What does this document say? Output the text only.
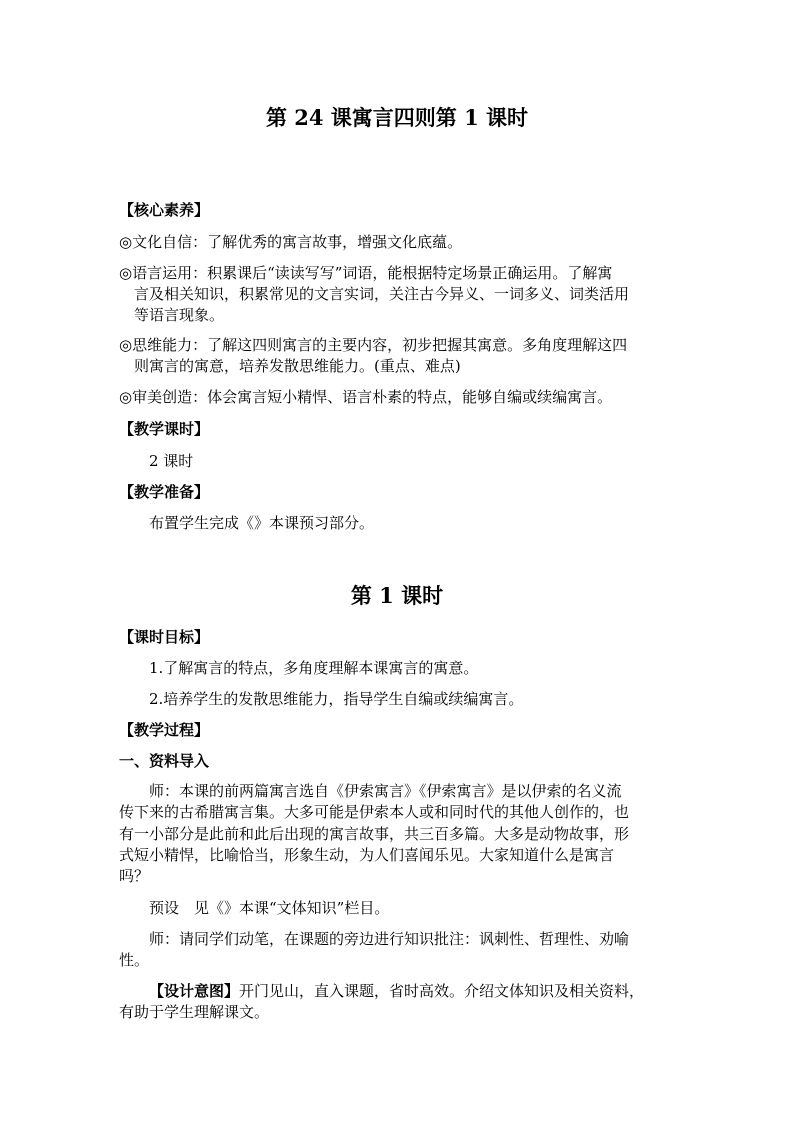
第 24 课寓言四则第 1 课时
【核心素养】
◎文化自信：了解优秀的寓言故事，增强文化底蕴。
◎语言运用：积累课后“读读写写”词语，能根据特定场景正确运用。了解寓
言及相关知识，积累常见的文言实词，关注古今异义、一词多义、词类活用
等语言现象。
◎思维能力：了解这四则寓言的主要内容，初步把握其寓意。多角度理解这四
则寓言的寓意，培养发散思维能力。(重点、难点)
◎审美创造：体会寓言短小精悍、语言朴素的特点，能够自编或续编寓言。
【教学课时】
2 课时
【教学准备】
布置学生完成《》本课预习部分。
第 1 课时
【课时目标】
1.了解寓言的特点，多角度理解本课寓言的寓意。
2.培养学生的发散思维能力，指导学生自编或续编寓言。
【教学过程】
一、资料导入
师：本课的前两篇寓言选自《伊索寓言》《伊索寓言》是以伊索的名义流
传下来的古希腊寓言集。大多可能是伊索本人或和同时代的其他人创作的，也
有一小部分是此前和此后出现的寓言故事，共三百多篇。大多是动物故事，形
式短小精悍，比喻恰当，形象生动，为人们喜闻乐见。大家知道什么是寓言
吗？
预设　见《》本课“文体知识”栏目。
师：请同学们动笔，在课题的旁边进行知识批注：讽刺性、哲理性、劝喻
性。
【设计意图】开门见山，直入课题，省时高效。介绍文体知识及相关资料，
有助于学生理解课文。
